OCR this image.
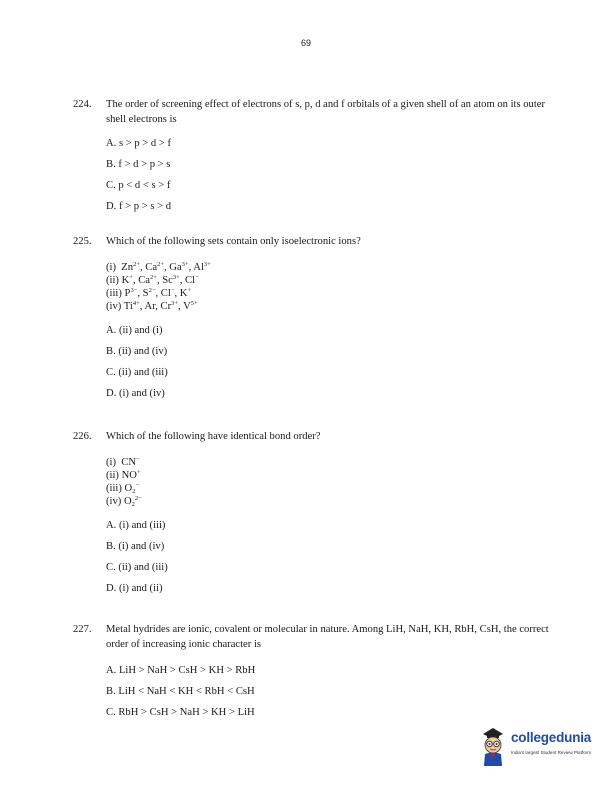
69
224. The order of screening effect of electrons of s, p, d and f orbitals of a given shell of an atom on its outer shell electrons is
A. s > p > d > f
B. f > d > p > s
C. p < d < s > f
D. f > p > s > d
225. Which of the following sets contain only isoelectronic ions?
(i) $Zn^{2+}$, $Ca^{2+}$, $Ga^{3+}$, $Al^{3+}$
(ii) K+, $Ca^{2+}$, $Sc^{3+}$, Cl−
(iii) $P^{3-}$, $S^{2-}$, Cl−, K+
(iv) $Ti^{4+}$, Ar, $Cr^{3+}$, $V^{5+}$
A. (ii) and (i)
B. (ii) and (iv)
C. (ii) and (iii)
D. (i) and (iv)
226. Which of the following have identical bond order?
(i) CN−
(ii) NO+
(iii) $O_2^-$
(iv) $O_2^{2-}$
A. (i) and (iii)
B. (i) and (iv)
C. (ii) and (iii)
D. (i) and (ii)
227. Metal hydrides are ionic, covalent or molecular in nature. Among LiH, NaH, KH, RbH, CsH, the correct order of increasing ionic character is
A. LiH > NaH > CsH > KH > RbH
B. LiH < NaH < KH < RbH < CsH
C. RbH > CsH > NaH > KH > LiH
collegedunia
India's largest Student Review Platform
